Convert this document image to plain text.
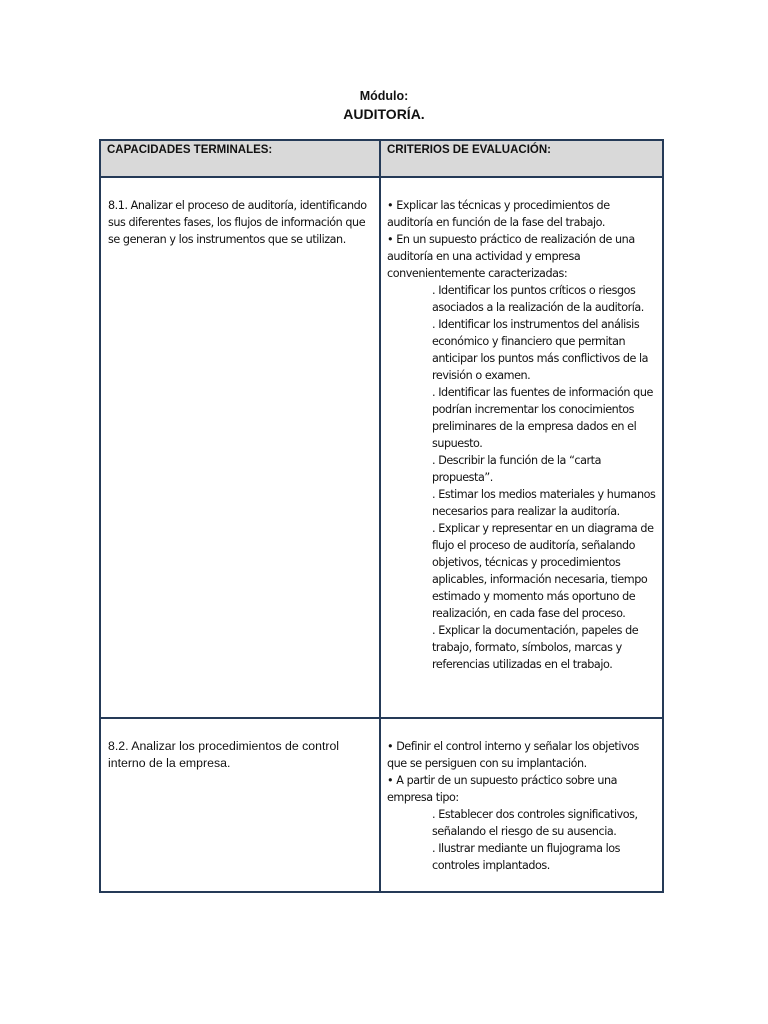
Módulo:
AUDITORÍA.
CAPACIDADES TERMINALES:	CRITERIOS DE EVALUACIÓN:

8.1. Analizar el proceso de auditoría, identificando sus diferentes fases, los flujos de información que se generan y los instrumentos que se utilizan.

• Explicar las técnicas y procedimientos de auditoría en función de la fase del trabajo.

• En un supuesto práctico de realización de una auditoría en una actividad y empresa convenientemente caracterizadas:

. Identificar los puntos críticos o riesgos asociados a la realización de la auditoría.

. Identificar los instrumentos del análisis económico y financiero que permitan anticipar los puntos más conflictivos de la revisión o examen.

. Identificar las fuentes de información que podrían incrementar los conocimientos preliminares de la empresa dados en el supuesto.

. Describir la función de la “carta propuesta”.

. Estimar los medios materiales y humanos necesarios para realizar la auditoría.

. Explicar y representar en un diagrama de flujo el proceso de auditoría, señalando objetivos, técnicas y procedimientos aplicables, información necesaria, tiempo estimado y momento más oportuno de realización, en cada fase del proceso.

. Explicar la documentación, papeles de trabajo, formato, símbolos, marcas y referencias utilizadas en el trabajo.

8.2. Analizar los procedimientos de control interno de la empresa.

• Definir el control interno y señalar los objetivos que se persiguen con su implantación.

• A partir de un supuesto práctico sobre una empresa tipo:

. Establecer dos controles significativos, señalando el riesgo de su ausencia.

. Ilustrar mediante un flujograma los controles implantados.
